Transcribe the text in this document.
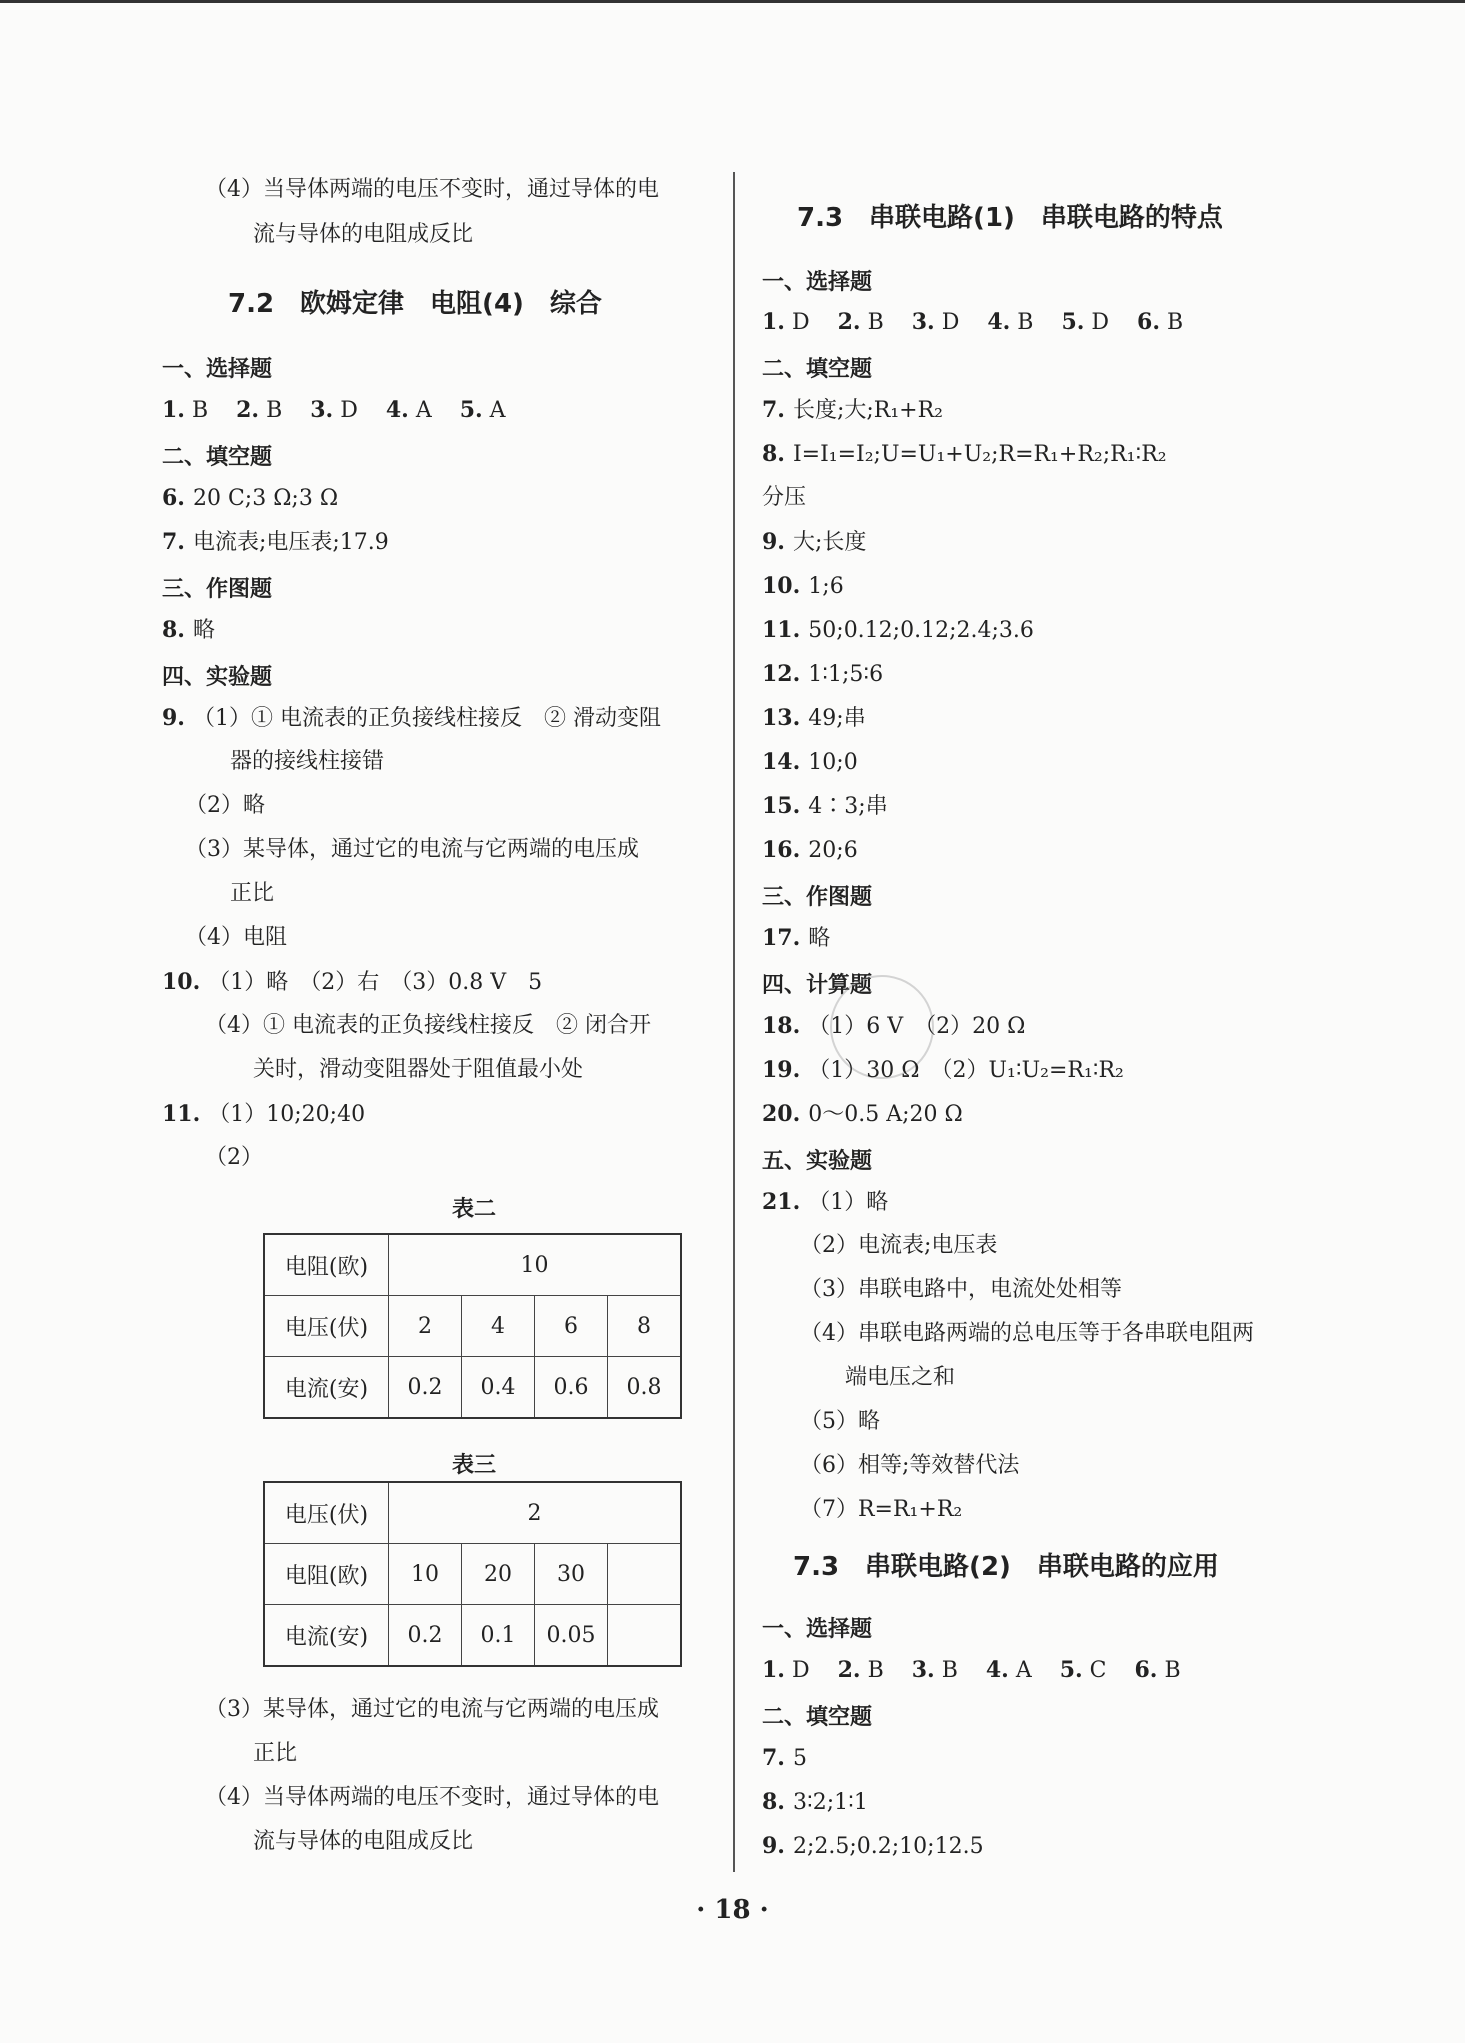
（4）当导体两端的电压不变时，通过导体的电
流与导体的电阻成反比
7.2　欧姆定律　电阻(4)　综合
一、选择题
1. B 2. B 3. D 4. A 5. A
二、填空题
6. 20 C;3 Ω;3 Ω
7. 电流表;电压表;17.9
三、作图题
8. 略
四、实验题
9. （1）① 电流表的正负接线柱接反　② 滑动变阻
器的接线柱接错
（2）略
（3）某导体，通过它的电流与它两端的电压成
正比
（4）电阻
10. （1）略　（2）右　（3）0.8 V　5
（4）① 电流表的正负接线柱接反　② 闭合开
关时，滑动变阻器处于阻值最小处
11. （1）10;20;40
（2）
表二
电阻(欧)	10			
电压(伏)	2	4	6	8
电流(安)	0.2	0.4	0.6	0.8
表三
电压(伏)	2			
电阻(欧)	10	20	30	
电流(安)	0.2	0.1	0.05	
（3）某导体，通过它的电流与它两端的电压成
正比
（4）当导体两端的电压不变时，通过导体的电
流与导体的电阻成反比
7.3　串联电路(1)　串联电路的特点
一、选择题
1. D 2. B 3. D 4. B 5. D 6. B
二、填空题
7. 长度;大;R₁+R₂
8. I=I₁=I₂;U=U₁+U₂;R=R₁+R₂;R₁∶R₂
分压
9. 大;长度
10. 1;6
11. 50;0.12;0.12;2.4;3.6
12. 1∶1;5∶6
13. 49;串
14. 10;0
15. 4∶3;串
16. 20;6
三、作图题
17. 略
四、计算题
18. （1）6 V　（2）20 Ω
19. （1）30 Ω　（2）U₁∶U₂=R₁∶R₂
20. 0～0.5 A;20 Ω
五、实验题
21. （1）略
（2）电流表;电压表
（3）串联电路中，电流处处相等
（4）串联电路两端的总电压等于各串联电阻两
端电压之和
（5）略
（6）相等;等效替代法
（7）R=R₁+R₂
7.3　串联电路(2)　串联电路的应用
一、选择题
1. D 2. B 3. B 4. A 5. C 6. B
二、填空题
7. 5
8. 3∶2;1∶1
9. 2;2.5;0.2;10;12.5
· 18 ·
